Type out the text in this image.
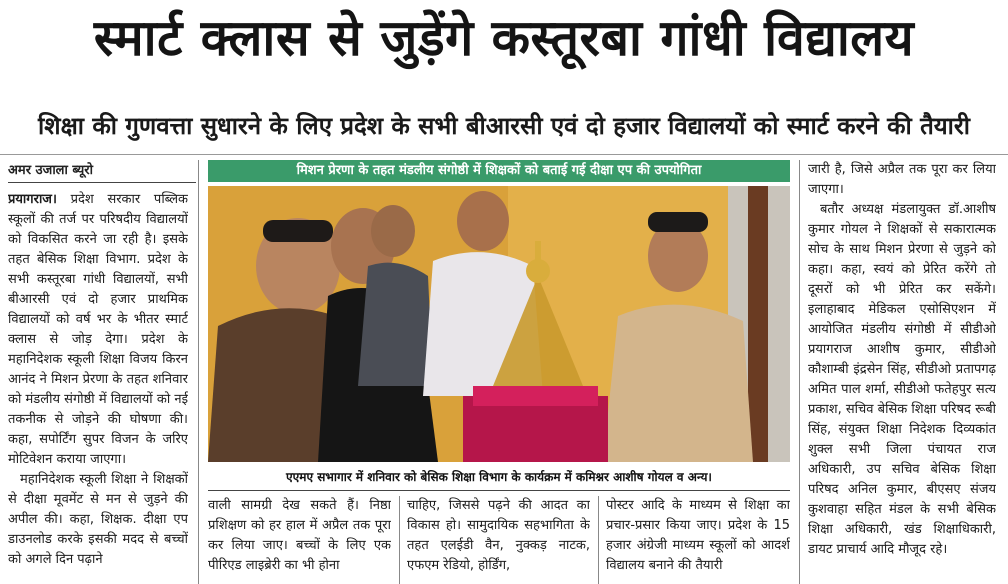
स्मार्ट क्लास से जुड़ेंगे कस्तूरबा गांधी विद्यालय
शिक्षा की गुणवत्ता सुधारने के लिए प्रदेश के सभी बीआरसी एवं दो हजार विद्यालयों को स्मार्ट करने की तैयारी
अमर उजाला ब्यूरो

प्रयागराज। प्रदेश सरकार पब्लिक स्कूलों की तर्ज पर परिषदीय विद्यालयों को विकसित करने जा रही है। इसके तहत बेसिक शिक्षा विभाग. प्रदेश के सभी कस्तूरबा गांधी विद्यालयों, सभी बीआरसी एवं दो हजार प्राथमिक विद्यालयों को वर्ष भर के भीतर स्मार्ट क्लास से जोड़ देगा। प्रदेश के महानिदेशक स्कूली शिक्षा विजय किरन आनंद ने मिशन प्रेरणा के तहत शनिवार को मंडलीय संगोष्ठी में विद्यालयों को नई तकनीक से जोड़ने की घोषणा की। कहा, सपोर्टिंग सुपर विजन के जरिए मोटिवेशन कराया जाएगा।

महानिदेशक स्कूली शिक्षा ने शिक्षकों से दीक्षा मूवमेंट से मन से जुड़ने की अपील की। कहा, शिक्षक. दीक्षा एप डाउनलोड करके इसकी मदद से बच्चों को अगले दिन पढ़ाने

मिशन प्रेरणा के तहत मंडलीय संगोष्ठी में शिक्षकों को बताई गई दीक्षा एप की उपयोगिता
एएमए सभागार में शनिवार को बेसिक शिक्षा विभाग के कार्यक्रम में कमिश्नर आशीष गोयल व अन्य।
वाली सामग्री देख सकते हैं। निष्ठा प्रशिक्षण को हर हाल में अप्रैल तक पूरा कर लिया जाए। बच्चों के लिए एक पीरिएड लाइब्रेरी का भी होना
चाहिए, जिससे पढ़ने की आदत का विकास हो। सामुदायिक सहभागिता के तहत एलईडी वैन, नुक्कड़ नाटक, एफएम रेडियो, होर्डिंग,
पोस्टर आदि के माध्यम से शिक्षा का प्रचार-प्रसार किया जाए। प्रदेश के 15 हजार अंग्रेजी माध्यम स्कूलों को आदर्श विद्यालय बनाने की तैयारी

जारी है, जिसे अप्रैल तक पूरा कर लिया जाएगा।

बतौर अध्यक्ष मंडलायुक्त डॉ.आशीष कुमार गोयल ने शिक्षकों से सकारात्मक सोच के साथ मिशन प्रेरणा से जुड़ने को कहा। कहा, स्वयं को प्रेरित करेंगे तो दूसरों को भी प्रेरित कर सकेंगे। इलाहाबाद मेडिकल एसोसिएशन में आयोजित मंडलीय संगोष्ठी में सीडीओ प्रयागराज आशीष कुमार, सीडीओ कौशाम्बी इंद्रसेन सिंह, सीडीओ प्रतापगढ़ अमित पाल शर्मा, सीडीओ फतेहपुर सत्य प्रकाश, सचिव बेसिक शिक्षा परिषद रूबी सिंह, संयुक्त शिक्षा निदेशक दिव्यकांत शुक्ल सभी जिला पंचायत राज अधिकारी, उप सचिव बेसिक शिक्षा परिषद अनिल कुमार, बीएसए संजय कुशवाहा सहित मंडल के सभी बेसिक शिक्षा अधिकारी, खंड शिक्षाधिकारी, डायट प्राचार्य आदि मौजूद रहे।
